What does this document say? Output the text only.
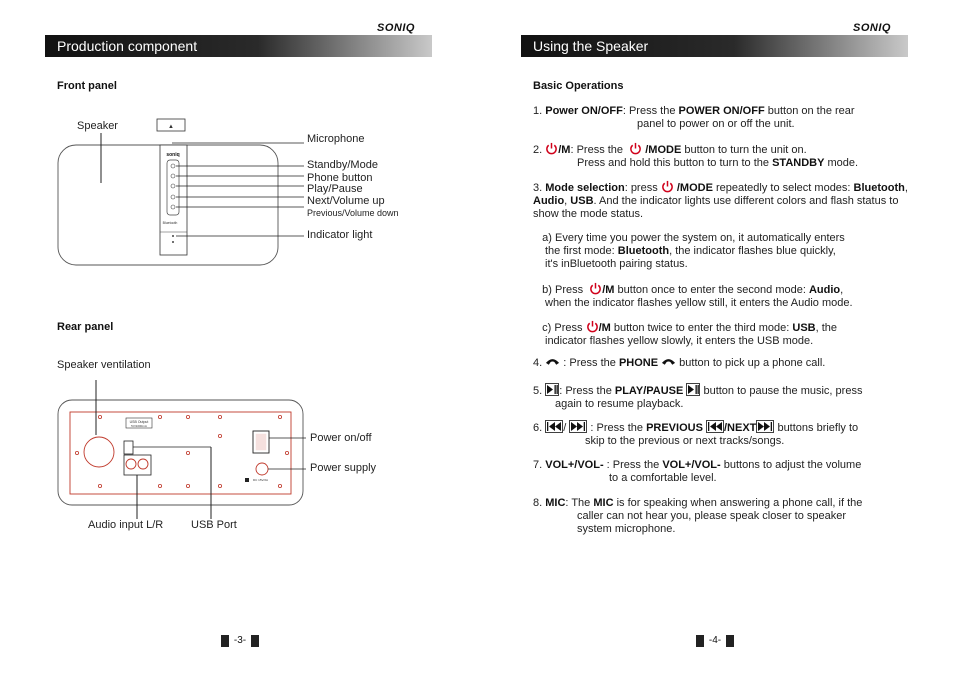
SONIQ
Production component
Front panel
▲
soniq
Bluetooth
Speaker
Microphone
Standby/Mode
Phone button
Play/Pause
Next/Volume up
Previous/Volume down
Indicator light
Rear panel
Speaker ventilation
USB Output
5V/1000mA
DC 15V/2A
Power on/off
Power supply
Audio input L/R	USB Port
-3-
SONIQ
Using the Speaker
Basic Operations
1. Power ON/OFF: Press the POWER ON/OFF button on the rear
panel to power on or off the unit.
2. /M: Press the   /MODE button to turn the unit on.
Press and hold this button to turn to the STANDBY mode.
3. Mode selection: press  /MODE repeatedly to select modes: Bluetooth, Audio, USB. And the indicator lights use different colors and flash status to show the mode status.
a) Every time you power the system on, it automatically enters
the first mode: Bluetooth, the indicator flashes blue quickly,
it's inBluetooth pairing status.
b) Press  /M button once to enter the second mode: Audio,
when the indicator flashes yellow still, it enters the Audio mode.
c) Press /M button twice to enter the third mode: USB, the
indicator flashes yellow slowly, it enters the USB mode.
4.  : Press the PHONE  button to pick up a phone call.
5. : Press the PLAY/PAUSE  button to pause the music, press
again to resume playback.
6. /  : Press the PREVIOUS /NEXT buttons briefly to
skip to the previous or next tracks/songs.
7. VOL+/VOL- : Press the VOL+/VOL- buttons to adjust the volume
to a comfortable level.
8. MIC: The MIC is for speaking when answering a phone call, if the
caller can not hear you, please speak closer to speaker
system microphone.
-4-
